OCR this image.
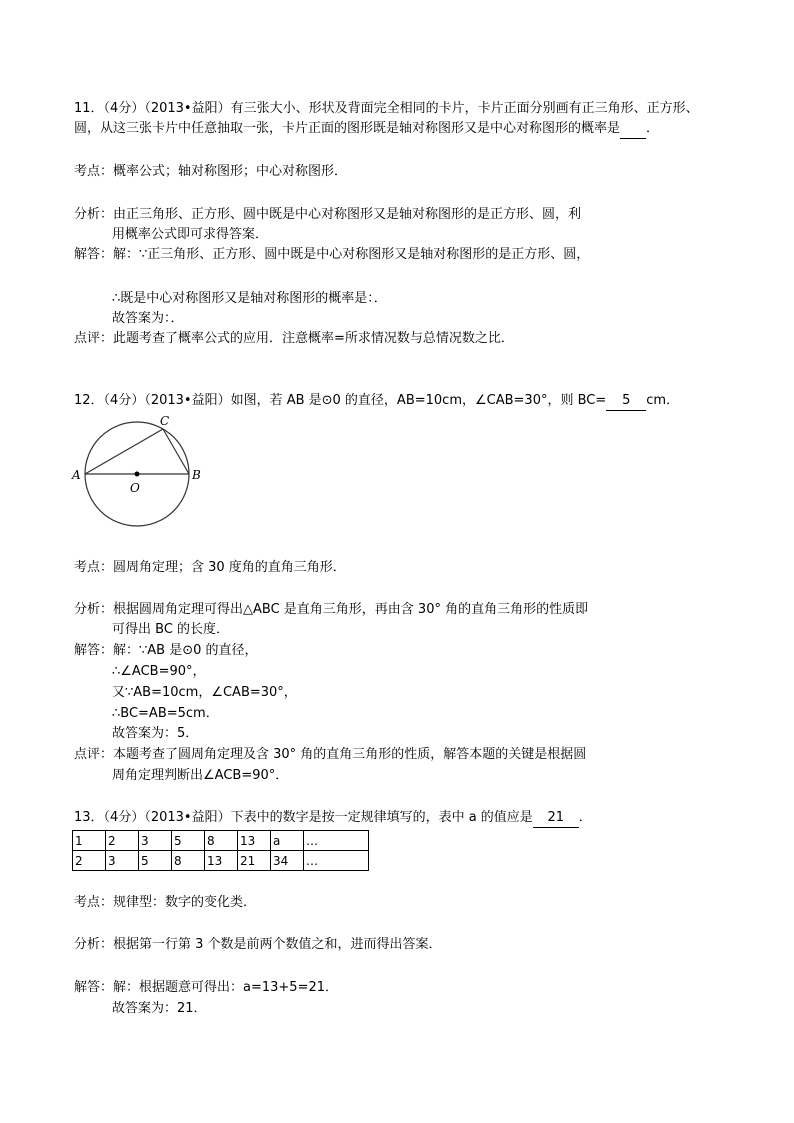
11．（4分）（2013•益阳）有三张大小、形状及背面完全相同的卡片，卡片正面分别画有正三角形、正方形、
圆，从这三张卡片中任意抽取一张，卡片正面的图形既是轴对称图形又是中心对称图形的概率是 ．
考点：概率公式；轴对称图形；中心对称图形．
分析：由正三角形、正方形、圆中既是中心对称图形又是轴对称图形的是正方形、圆，利
用概率公式即可求得答案．
解答：解：∵正三角形、正方形、圆中既是中心对称图形又是轴对称图形的是正方形、圆，
∴既是中心对称图形又是轴对称图形的概率是：．
故答案为：．
点评：此题考查了概率公式的应用．注意概率=所求情况数与总情况数之比．
12．（4分）（2013•益阳）如图，若 AB 是⊙0 的直径，AB=10cm，∠CAB=30°，则 BC= 5 cm．
A	B
C
O
考点：圆周角定理；含 30 度角的直角三角形．
分析：根据圆周角定理可得出△ABC 是直角三角形，再由含 30° 角的直角三角形的性质即
可得出 BC 的长度．
解答：解：∵AB 是⊙0 的直径，
∴∠ACB=90°，
又∵AB=10cm，∠CAB=30°，
∴BC=AB=5cm．
故答案为：5．
点评：本题考查了圆周角定理及含 30° 角的直角三角形的性质，解答本题的关键是根据圆
周角定理判断出∠ACB=90°．
13．（4分）（2013•益阳）下表中的数字是按一定规律填写的，表中 a 的值应是 21 ．
1	2	3	5	8	13	a	…
2	3	5	8	13	21	34	…
考点：规律型：数字的变化类．
分析：根据第一行第 3 个数是前两个数值之和，进而得出答案．
解答：解：根据题意可得出：a=13+5=21．
故答案为：21．
